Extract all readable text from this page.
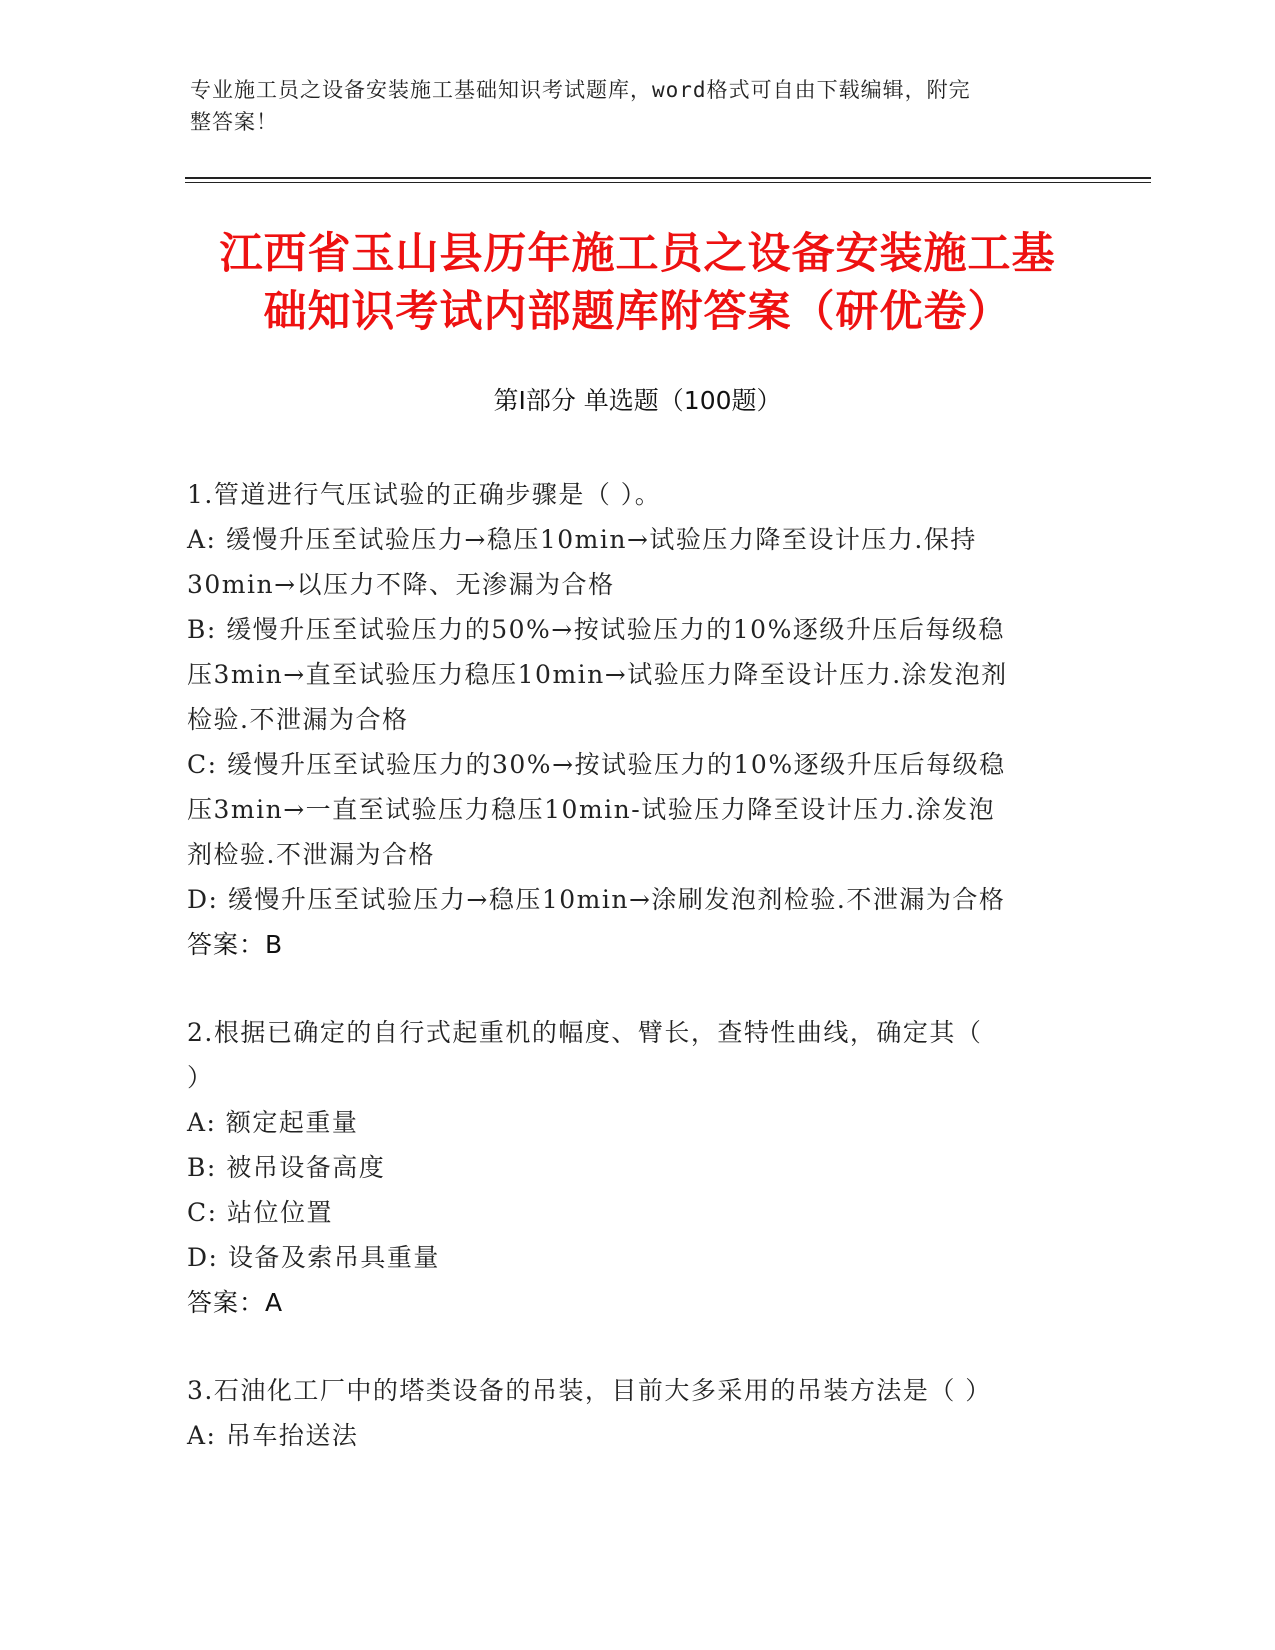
专业施工员之设备安装施工基础知识考试题库，word格式可自由下载编辑，附完
整答案！
江西省玉山县历年施工员之设备安装施工基
础知识考试内部题库附答案（研优卷）
第Ⅰ部分 单选题（100题）
1.管道进行气压试验的正确步骤是（ ）。
A: 缓慢升压至试验压力→稳压10min→试验压力降至设计压力.保持
30min→以压力不降、无渗漏为合格
B: 缓慢升压至试验压力的50%→按试验压力的10%逐级升压后每级稳
压3min→直至试验压力稳压10min→试验压力降至设计压力.涂发泡剂
检验.不泄漏为合格
C: 缓慢升压至试验压力的30%→按试验压力的10%逐级升压后每级稳
压3min→一直至试验压力稳压10min-试验压力降至设计压力.涂发泡
剂检验.不泄漏为合格
D: 缓慢升压至试验压力→稳压10min→涂刷发泡剂检验.不泄漏为合格
答案：B
2.根据已确定的自行式起重机的幅度、臂长，查特性曲线，确定其（
）
A: 额定起重量
B: 被吊设备高度
C: 站位位置
D: 设备及索吊具重量
答案：A
3.石油化工厂中的塔类设备的吊装，目前大多采用的吊装方法是（ ）
A: 吊车抬送法
